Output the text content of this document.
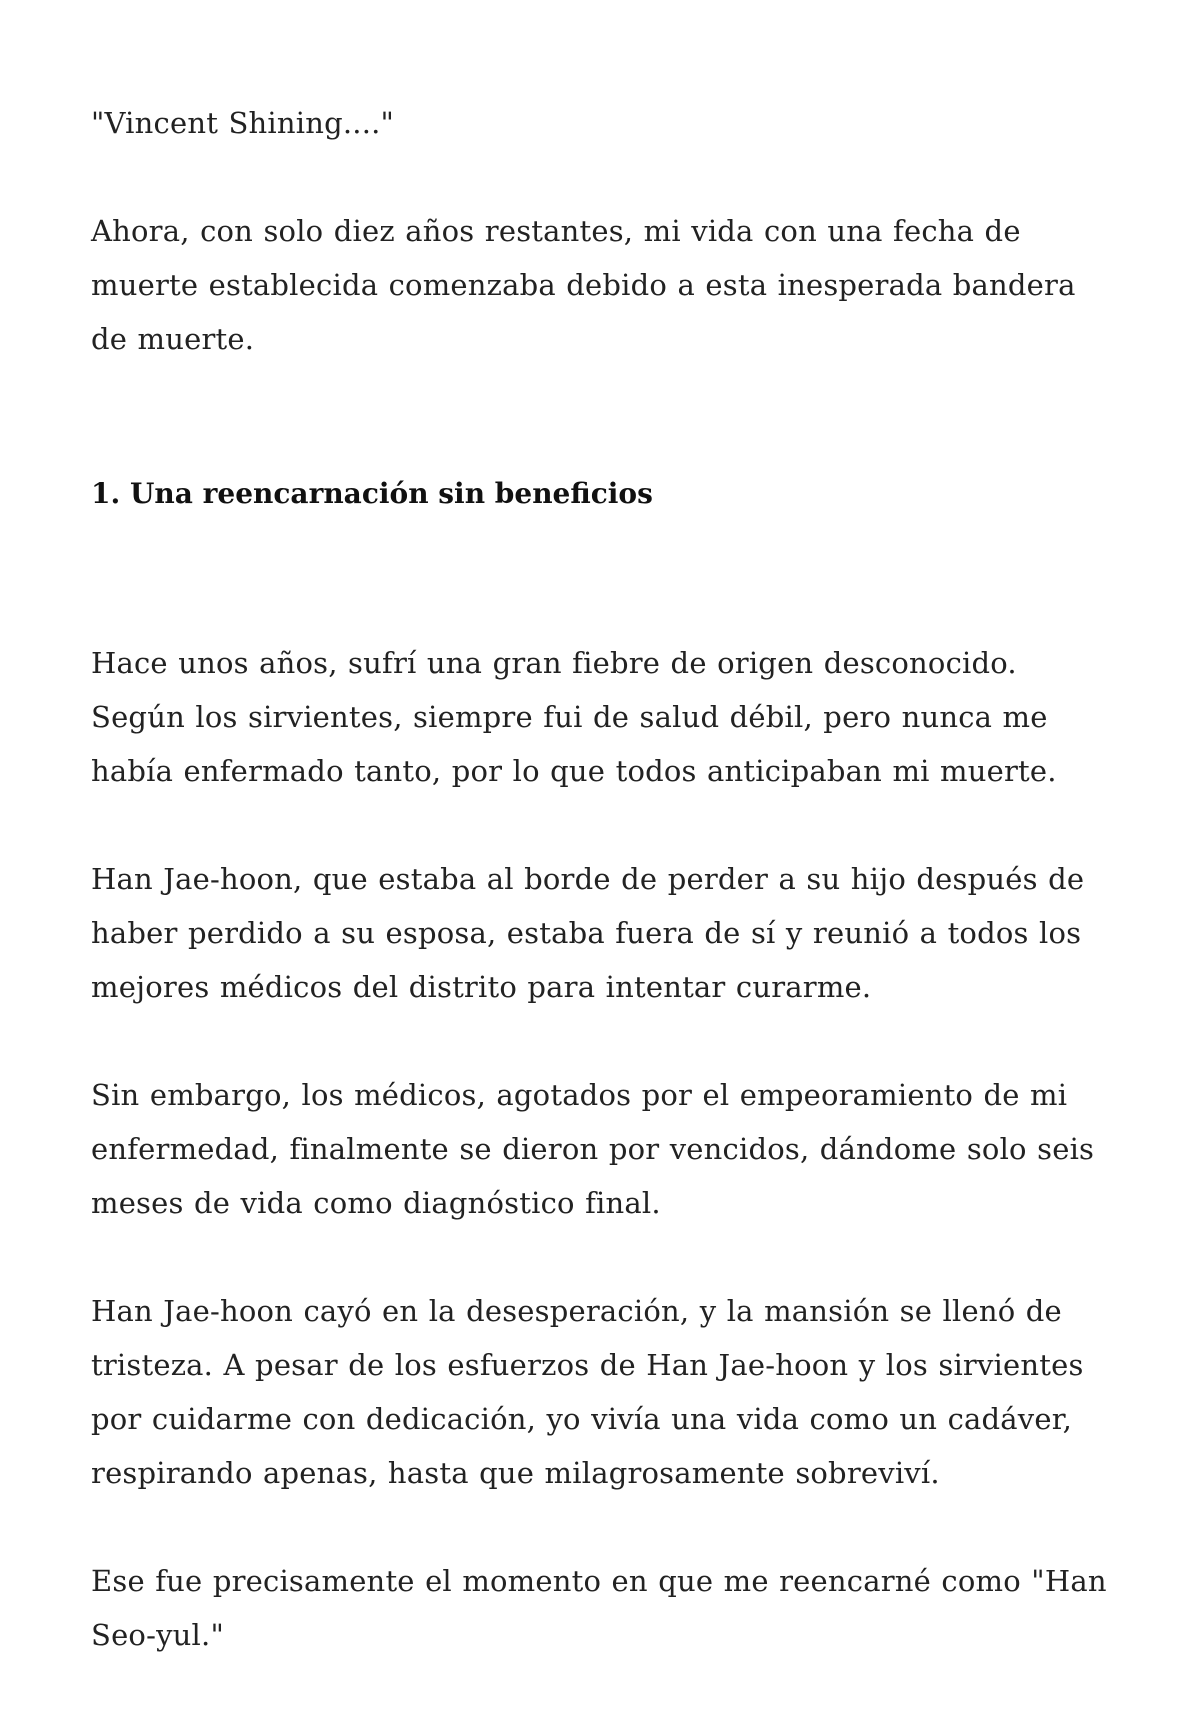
"Vincent Shining...."

Ahora, con solo diez años restantes, mi vida con una fecha de muerte establecida comenzaba debido a esta inesperada bandera de muerte.

1. Una reencarnación sin beneficios

Hace unos años, sufrí una gran fiebre de origen desconocido. Según los sirvientes, siempre fui de salud débil, pero nunca me había enfermado tanto, por lo que todos anticipaban mi muerte.

Han Jae-hoon, que estaba al borde de perder a su hijo después de haber perdido a su esposa, estaba fuera de sí y reunió a todos los mejores médicos del distrito para intentar curarme.

Sin embargo, los médicos, agotados por el empeoramiento de mi enfermedad, finalmente se dieron por vencidos, dándome solo seis meses de vida como diagnóstico final.

Han Jae-hoon cayó en la desesperación, y la mansión se llenó de tristeza. A pesar de los esfuerzos de Han Jae-hoon y los sirvientes por cuidarme con dedicación, yo vivía una vida como un cadáver, respirando apenas, hasta que milagrosamente sobreviví.

Ese fue precisamente el momento en que me reencarné como "Han Seo-yul."
